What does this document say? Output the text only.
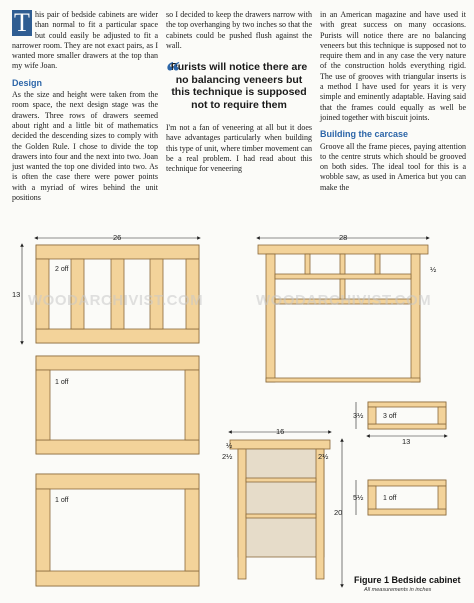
T his pair of bedside cabinets are wider than normal to fit a particular space but could easily be adjusted to fit a narrower room. They are not exact pairs, as I wanted more smaller drawers at the top than my wife Joan.

Design

As the size and height were taken from the room space, the next design stage was the drawers. Three rows of drawers seemed about right and a little bit of mathematics decided the descending sizes to comply with the Golden Rule. I chose to divide the top drawers into four and the next into two. Joan just wanted the top one divided into two. As is often the case there were power points with a myriad of wires behind the unit positions

so I decided to keep the drawers narrow with the top overhanging by two inches so that the cabinets could be pushed flush against the wall.

“
Purists will notice there are no balancing veneers but this technique is supposed not to require them

I'm not a fan of veneering at all but it does have advantages particularly when building this type of unit, where timber movement can be a real problem. I had read about this technique for veneering

in an American magazine and have used it with great success on many occasions. Purists will notice there are no balancing veneers but this technique is supposed not to require them and in any case the very nature of the construction holds everything rigid. The use of grooves with triangular inserts is a method I have used for years it is very simple and eminently adaptable. Having said that the frames could equally as well be joined together with biscuit joints.

Building the carcase

Groove all the frame pieces, paying attention to the centre struts which should be grooved on both sides. The ideal tool for this is a wobble saw, as used in America but you can make the

WOODARCHIVIST.COM	WOODARCHIVIST.COM
26
13
28
½
16
2½	2½
½
20
3½
13
5½
2 off
1 off
1 off
3 off
1 off
Figure 1 Bedside cabinet
All measurements in inches
